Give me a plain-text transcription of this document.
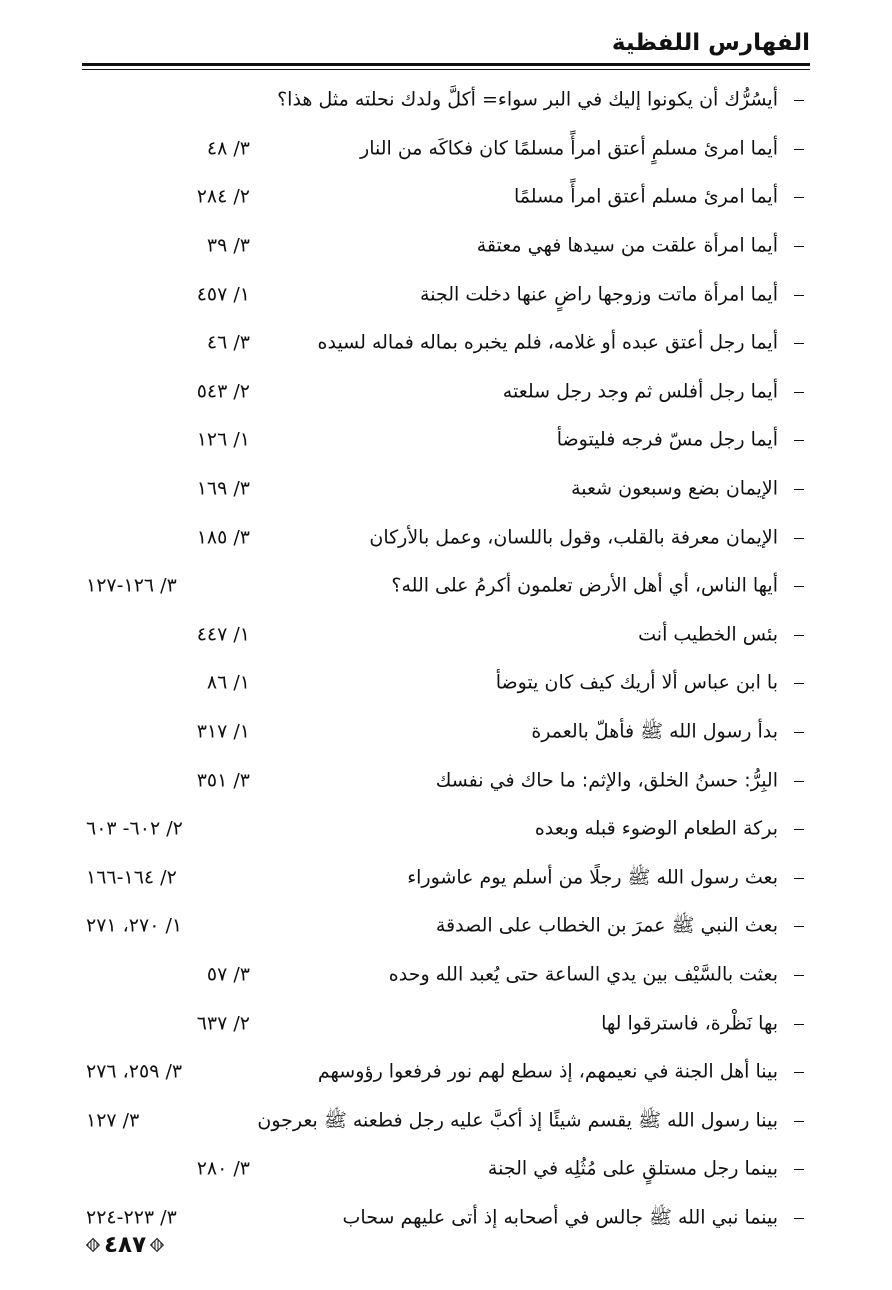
الفهارس اللفظية
أيسُرُّك أن يكونوا إليك في البر سواء= أكلَّ ولدك نحلته مثل هذا؟
أيما امرئ مسلمٍ أعتق امرأً مسلمًا كان فكاكَه من النار
٣/ ٤٨
أيما امرئ مسلم أعتق امرأً مسلمًا
٢/ ٢٨٤
أيما امرأة علقت من سيدها فهي معتقة
٣/ ٣٩
أيما امرأة ماتت وزوجها راضٍ عنها دخلت الجنة
١/ ٤٥٧
أيما رجل أعتق عبده أو غلامه، فلم يخبره بماله فماله لسيده
٣/ ٤٦
أيما رجل أفلس ثم وجد رجل سلعته
٢/ ٥٤٣
أيما رجل مسّ فرجه فليتوضأ
١/ ١٢٦
الإيمان بضع وسبعون شعبة
٣/ ١٦٩
الإيمان معرفة بالقلب، وقول باللسان، وعمل بالأركان
٣/ ١٨٥
أيها الناس، أي أهل الأرض تعلمون أكرمُ على الله؟
٣/ ١٢٦-١٢٧
بئس الخطيب أنت
١/ ٤٤٧
با ابن عباس ألا أريك كيف كان يتوضأ
١/ ٨٦
بدأ رسول الله ﷺ فأهلّ بالعمرة
١/ ٣١٧
البِرُّ: حسنُ الخلق، والإثم: ما حاك في نفسك
٣/ ٣٥١
بركة الطعام الوضوء قبله وبعده
٢/ ٦٠٢- ٦٠٣
بعث رسول الله ﷺ رجلًا من أسلم يوم عاشوراء
٢/ ١٦٤-١٦٦
بعث النبي ﷺ عمرَ بن الخطاب على الصدقة
١/ ٢٧٠، ٢٧١
بعثت بالسَّيْف بين يدي الساعة حتى يُعبد الله وحده
٣/ ٥٧
بها نَظْرة، فاسترقوا لها
٢/ ٦٣٧
بينا أهل الجنة في نعيمهم، إذ سطع لهم نور فرفعوا رؤوسهم
٣/ ٢٥٩، ٢٧٦
بينا رسول الله ﷺ يقسم شيئًا إذ أكبَّ عليه رجل فطعنه ﷺ بعرجون
٣/ ١٢٧
بينما رجل مستلقٍ على مُثُلِه في الجنة
٣/ ٢٨٠
بينما نبي الله ﷺ جالس في أصحابه إذ أتى عليهم سحاب
٣/ ٢٢٣-٢٢٤
٤٨٧
